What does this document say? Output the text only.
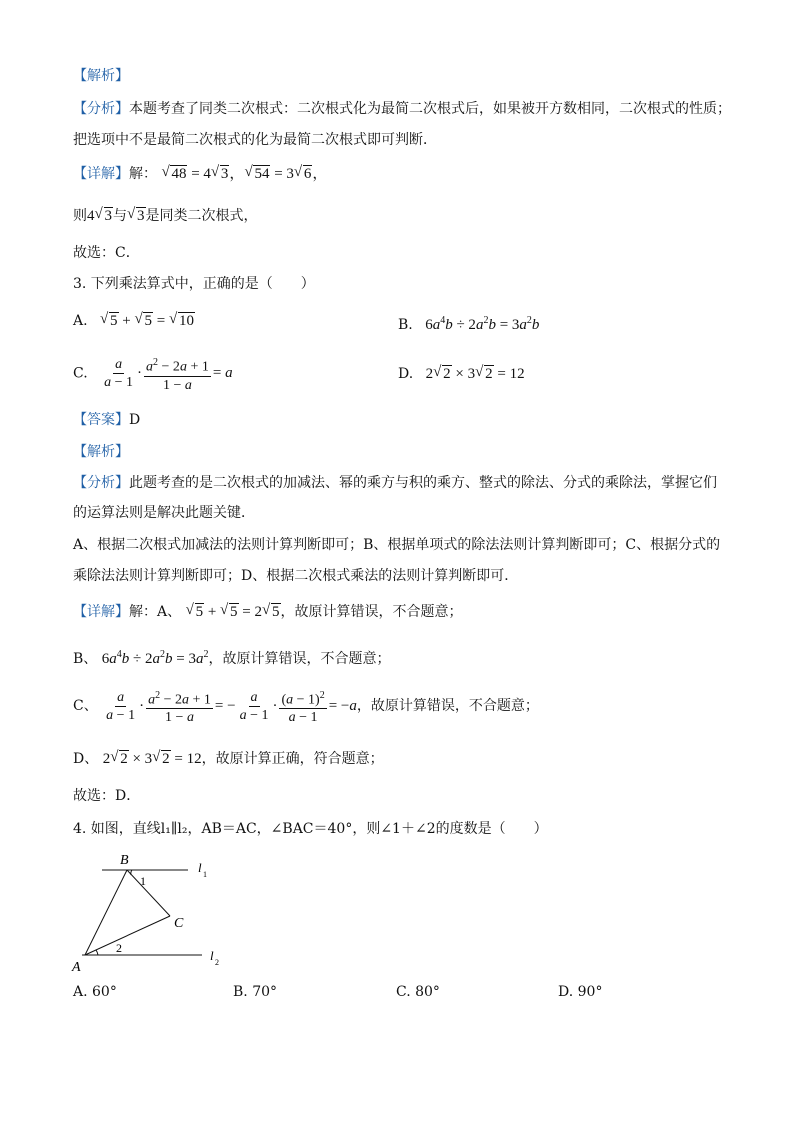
【解析】
【分析】本题考查了同类二次根式：二次根式化为最简二次根式后，如果被开方数相同，二次根式的性质；
把选项中不是最简二次根式的化为最简二次根式即可判断．
【详解】解： √ 48 = 4 √ 3， √ 54 = 3 √ 6，
则4 √ 3与 √ 3是同类二次根式，
故选：C．
3. 下列乘法算式中，正确的是（　　）
A. √ 5 + √ 5 = √ 10	B. $6a^4b \div 2a^2b = 3a^2b$
C. $\frac{a}{a - 1} \cdot \frac{a^2 - 2a + 1}{1 - a} = a$	D. 2 √ 2 × 3 √ 2 = 12
【答案】D
【解析】
【分析】此题考查的是二次根式的加减法、幂的乘方与积的乘方、整式的除法、分式的乘除法，掌握它们
的运算法则是解决此题关键．
A、根据二次根式加减法的法则计算判断即可；B、根据单项式的除法法则计算判断即可；C、根据分式的
乘除法法则计算判断即可；D、根据二次根式乘法的法则计算判断即可．
【详解】解：A、 √ 5 + √ 5 = 2 √ 5，故原计算错误，不合题意；
B、 $6a^4b \div 2a^2b = 3a^2$，故原计算错误，不合题意；
C、 $\frac{a}{a - 1} \cdot \frac{a^2 - 2a + 1}{1 - a}$ = − $\frac{a}{a - 1} \cdot \frac{(a - 1)^2}{a - 1} = -a$，故原计算错误，不合题意；
D、 2 √ 2 × 3 √ 2 = 12，故原计算正确，符合题意；
故选：D．
4. 如图，直线l₁∥l₂，AB＝AC，∠BAC＝40°，则∠1＋∠2的度数是（　　）
B
C
A
1
2
l 1
l 2
A. 60°	B. 70°	C. 80°	D. 90°
